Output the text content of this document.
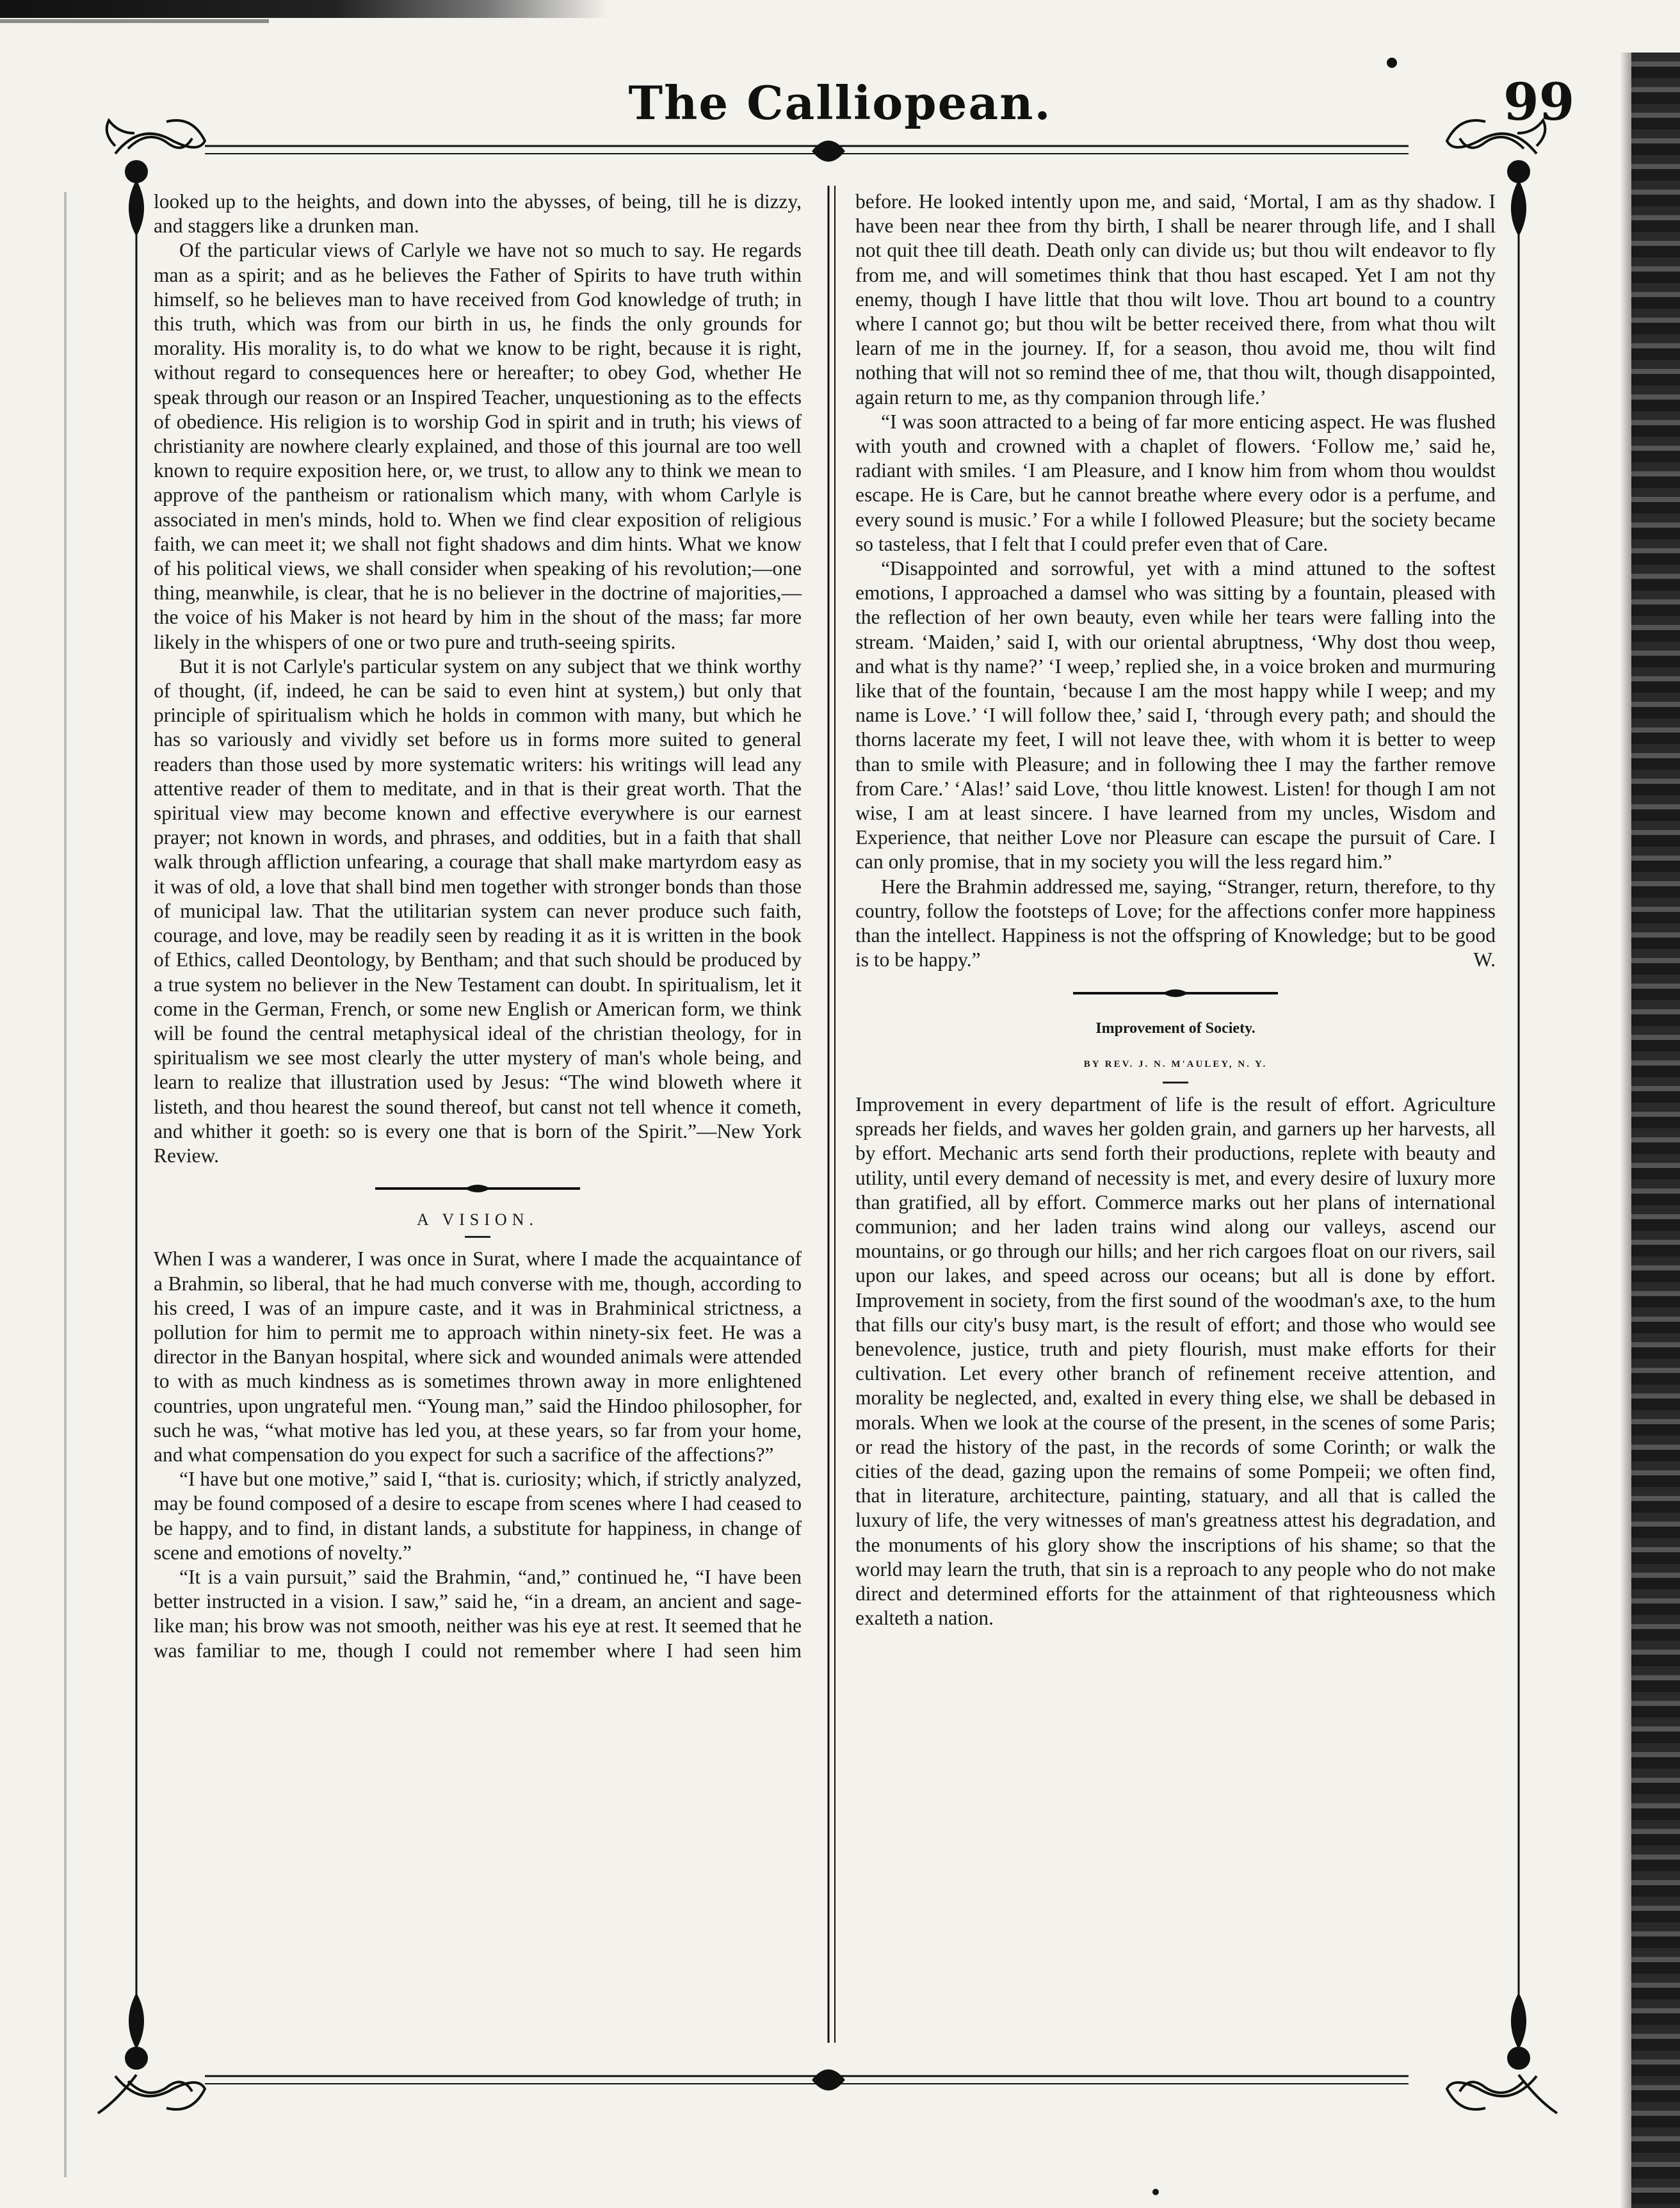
The Calliopean.	99

looked up to the heights, and down into the abysses, of being, till he is dizzy, and staggers like a drunken man.

Of the particular views of Carlyle we have not so much to say. He regards man as a spirit; and as he believes the Father of Spirits to have truth within himself, so he believes man to have received from God knowledge of truth; in this truth, which was from our birth in us, he finds the only grounds for morality. His morality is, to do what we know to be right, because it is right, without regard to consequences here or hereafter; to obey God, whether He speak through our reason or an Inspired Teacher, unquestioning as to the effects of obedience. His religion is to worship God in spirit and in truth; his views of christianity are nowhere clearly explained, and those of this journal are too well known to require exposition here, or, we trust, to allow any to think we mean to approve of the pantheism or rationalism which many, with whom Carlyle is associated in men's minds, hold to. When we find clear exposition of religious faith, we can meet it; we shall not fight shadows and dim hints. What we know of his political views, we shall consider when speaking of his revolution;—one thing, meanwhile, is clear, that he is no believer in the doctrine of majorities,—the voice of his Maker is not heard by him in the shout of the mass; far more likely in the whispers of one or two pure and truth-seeing spirits.

But it is not Carlyle's particular system on any subject that we think worthy of thought, (if, indeed, he can be said to even hint at system,) but only that principle of spiritualism which he holds in common with many, but which he has so variously and vividly set before us in forms more suited to general readers than those used by more systematic writers: his writings will lead any attentive reader of them to meditate, and in that is their great worth. That the spiritual view may become known and effective everywhere is our earnest prayer; not known in words, and phrases, and oddities, but in a faith that shall walk through affliction unfearing, a courage that shall make martyrdom easy as it was of old, a love that shall bind men together with stronger bonds than those of municipal law. That the utilitarian system can never produce such faith, courage, and love, may be readily seen by reading it as it is written in the book of Ethics, called Deontology, by Bentham; and that such should be produced by a true system no believer in the New Testament can doubt. In spiritualism, let it come in the German, French, or some new English or American form, we think will be found the central metaphysical ideal of the christian theology, for in spiritualism we see most clearly the utter mystery of man's whole being, and learn to realize that illustration used by Jesus: “The wind bloweth where it listeth, and thou hearest the sound thereof, but canst not tell whence it cometh, and whither it goeth: so is every one that is born of the Spirit.”—New York Review.

A VISION.

When I was a wanderer, I was once in Surat, where I made the acquaintance of a Brahmin, so liberal, that he had much converse with me, though, according to his creed, I was of an impure caste, and it was in Brahminical strictness, a pollution for him to permit me to approach within ninety-six feet. He was a director in the Banyan hospital, where sick and wounded animals were attended to with as much kindness as is sometimes thrown away in more enlightened countries, upon ungrateful men. “Young man,” said the Hindoo philosopher, for such he was, “what motive has led you, at these years, so far from your home, and what compensation do you expect for such a sacrifice of the affections?”

“I have but one motive,” said I, “that is. curiosity; which, if strictly analyzed, may be found composed of a desire to escape from scenes where I had ceased to be happy, and to find, in distant lands, a substitute for happiness, in change of scene and emotions of novelty.”

“It is a vain pursuit,” said the Brahmin, “and,” continued he, “I have been better instructed in a vision. I saw,” said he, “in a dream, an ancient and sage-like man; his brow was not smooth, neither was his eye at rest. It seemed that he was familiar to me, though I could not remember where I had seen him

before. He looked intently upon me, and said, ‘Mortal, I am as thy shadow. I have been near thee from thy birth, I shall be nearer through life, and I shall not quit thee till death. Death only can divide us; but thou wilt endeavor to fly from me, and will sometimes think that thou hast escaped. Yet I am not thy enemy, though I have little that thou wilt love. Thou art bound to a country where I cannot go; but thou wilt be better received there, from what thou wilt learn of me in the journey. If, for a season, thou avoid me, thou wilt find nothing that will not so remind thee of me, that thou wilt, though disappointed, again return to me, as thy companion through life.’

“I was soon attracted to a being of far more enticing aspect. He was flushed with youth and crowned with a chaplet of flowers. ‘Follow me,’ said he, radiant with smiles. ‘I am Pleasure, and I know him from whom thou wouldst escape. He is Care, but he cannot breathe where every odor is a perfume, and every sound is music.’ For a while I followed Pleasure; but the society became so tasteless, that I felt that I could prefer even that of Care.

“Disappointed and sorrowful, yet with a mind attuned to the softest emotions, I approached a damsel who was sitting by a fountain, pleased with the reflection of her own beauty, even while her tears were falling into the stream. ‘Maiden,’ said I, with our oriental abruptness, ‘Why dost thou weep, and what is thy name?’ ‘I weep,’ replied she, in a voice broken and murmuring like that of the fountain, ‘because I am the most happy while I weep; and my name is Love.’ ‘I will follow thee,’ said I, ‘through every path; and should the thorns lacerate my feet, I will not leave thee, with whom it is better to weep than to smile with Pleasure; and in following thee I may the farther remove from Care.’ ‘Alas!’ said Love, ‘thou little knowest. Listen! for though I am not wise, I am at least sincere. I have learned from my uncles, Wisdom and Experience, that neither Love nor Pleasure can escape the pursuit of Care. I can only promise, that in my society you will the less regard him.”

Here the Brahmin addressed me, saying, “Stranger, return, therefore, to thy country, follow the footsteps of Love; for the affections confer more happiness than the intellect. Happiness is not the offspring of Knowledge; but to be good is to be happy.”	W.

Improvement of Society.
BY REV. J. N. M'AULEY, N. Y.

Improvement in every department of life is the result of effort. Agriculture spreads her fields, and waves her golden grain, and garners up her harvests, all by effort. Mechanic arts send forth their productions, replete with beauty and utility, until every demand of necessity is met, and every desire of luxury more than gratified, all by effort. Commerce marks out her plans of international communion; and her laden trains wind along our valleys, ascend our mountains, or go through our hills; and her rich cargoes float on our rivers, sail upon our lakes, and speed across our oceans; but all is done by effort. Improvement in society, from the first sound of the woodman's axe, to the hum that fills our city's busy mart, is the result of effort; and those who would see benevolence, justice, truth and piety flourish, must make efforts for their cultivation. Let every other branch of refinement receive attention, and morality be neglected, and, exalted in every thing else, we shall be debased in morals. When we look at the course of the present, in the scenes of some Paris; or read the history of the past, in the records of some Corinth; or walk the cities of the dead, gazing upon the remains of some Pompeii; we often find, that in literature, architecture, painting, statuary, and all that is called the luxury of life, the very witnesses of man's greatness attest his degradation, and the monuments of his glory show the inscriptions of his shame; so that the world may learn the truth, that sin is a reproach to any people who do not make direct and determined efforts for the attainment of that righteousness which exalteth a nation.
